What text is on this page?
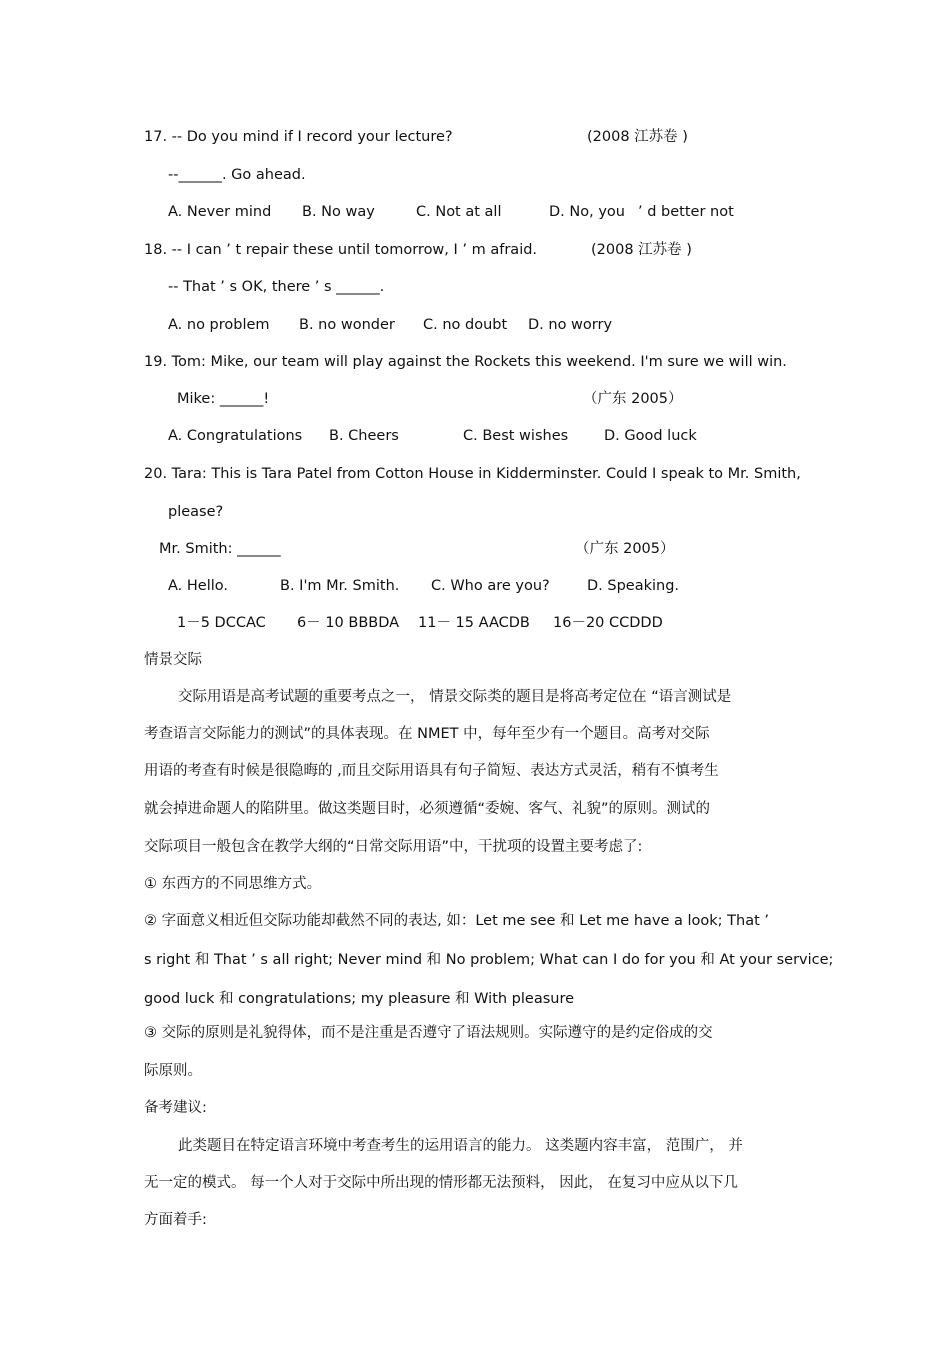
17. -- Do you mind if I record your lecture?	(2008 江苏卷 )
--______. Go ahead.
A. Never mind B. No way	C. Not at all	D. No, you ’ d better not
18. -- I can ’ t repair these until tomorrow, I ’ m afraid.	(2008 江苏卷 )
-- That ’ s OK, there ’ s ______.
A. no problem B. no wonder C. no doubt D. no worry
19. Tom: Mike, our team will play against the Rockets this weekend. I'm sure we will win.
Mike: ______!	（广东 2005）
A. Congratulations B. Cheers	C. Best wishes D. Good luck
20. Tara: This is Tara Patel from Cotton House in Kidderminster. Could I speak to Mr. Smith,
please?
Mr. Smith: ______	（广东 2005）
A. Hello.	B. I'm Mr. Smith. C. Who are you?	D. Speaking.
1－5 DCCAC 6－ 10 BBBDA 11－ 15 AACDB 16－20 CCDDD
情景交际
交际用语是高考试题的重要考点之一， 情景交际类的题目是将高考定位在 “语言测试是
考查语言交际能力的测试”的具体表现。在 NMET 中，每年至少有一个题目。高考对交际
用语的考查有时候是很隐晦的 ,而且交际用语具有句子简短、表达方式灵活，稍有不慎考生
就会掉进命题人的陷阱里。做这类题目时，必须遵循“委婉、客气、礼貌”的原则。测试的
交际项目一般包含在教学大纲的“日常交际用语”中，干扰项的设置主要考虑了:
① 东西方的不同思维方式。
② 字面意义相近但交际功能却截然不同的表达, 如：Let me see 和 Let me have a look; That ’
s right 和 That ’ s all right; Never mind 和 No problem; What can I do for you 和 At your service;
good luck 和 congratulations; my pleasure 和 With pleasure
③ 交际的原则是礼貌得体，而不是注重是否遵守了语法规则。实际遵守的是约定俗成的交
际原则。
备考建议:
此类题目在特定语言环境中考查考生的运用语言的能力。 这类题内容丰富， 范围广， 并
无一定的模式。 每一个人对于交际中所出现的情形都无法预料， 因此， 在复习中应从以下几
方面着手:
